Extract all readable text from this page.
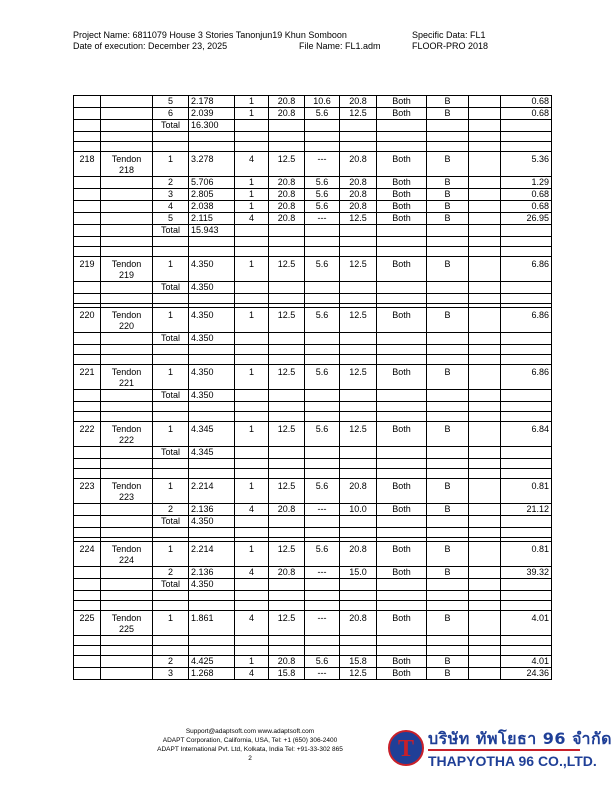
Project Name: 6811079 House 3 Stories Tanonjun19 Khun Somboon
Date of execution: December 23, 2025	File Name: FL1.adm
Specific Data: FL1
FLOOR-PRO 2018
		5	2.178	1	20.8	10.6	20.8	Both	B		0.68
		6	2.039	1	20.8	5.6	12.5	Both	B		0.68
		Total	16.300								

218	Tendon 218	1	3.278	4	12.5	---	20.8	Both	B		5.36
		2	5.706	1	20.8	5.6	20.8	Both	B		1.29
		3	2.805	1	20.8	5.6	20.8	Both	B		0.68
		4	2.038	1	20.8	5.6	20.8	Both	B		0.68
		5	2.115	4	20.8	---	12.5	Both	B		26.95
		Total	15.943								

219	Tendon 219	1	4.350	1	12.5	5.6	12.5	Both	B		6.86
		Total	4.350								

220	Tendon 220	1	4.350	1	12.5	5.6	12.5	Both	B		6.86
		Total	4.350								

221	Tendon 221	1	4.350	1	12.5	5.6	12.5	Both	B		6.86
		Total	4.350								

222	Tendon 222	1	4.345	1	12.5	5.6	12.5	Both	B		6.84
		Total	4.345								

223	Tendon 223	1	2.214	1	12.5	5.6	20.8	Both	B		0.81
		2	2.136	4	20.8	---	10.0	Both	B		21.12
		Total	4.350								

224	Tendon 224	1	2.214	1	12.5	5.6	20.8	Both	B		0.81
		2	2.136	4	20.8	---	15.0	Both	B		39.32
		Total	4.350								

225	Tendon 225	1	1.861	4	12.5	---	20.8	Both	B		4.01

		2	4.425	1	20.8	5.6	15.8	Both	B		4.01
		3	1.268	4	15.8	---	12.5	Both	B		24.36
Support@adaptsoft.com www.adaptsoft.com
ADAPT Corporation, California, USA, Tel: +1 (650) 306-2400
ADAPT International Pvt. Ltd, Kolkata, India Tel: +91-33-302 865
2	T บริษัท ทัพโยธา 96 จำกัด
THAPYOTHA 96 CO.,LTD.
